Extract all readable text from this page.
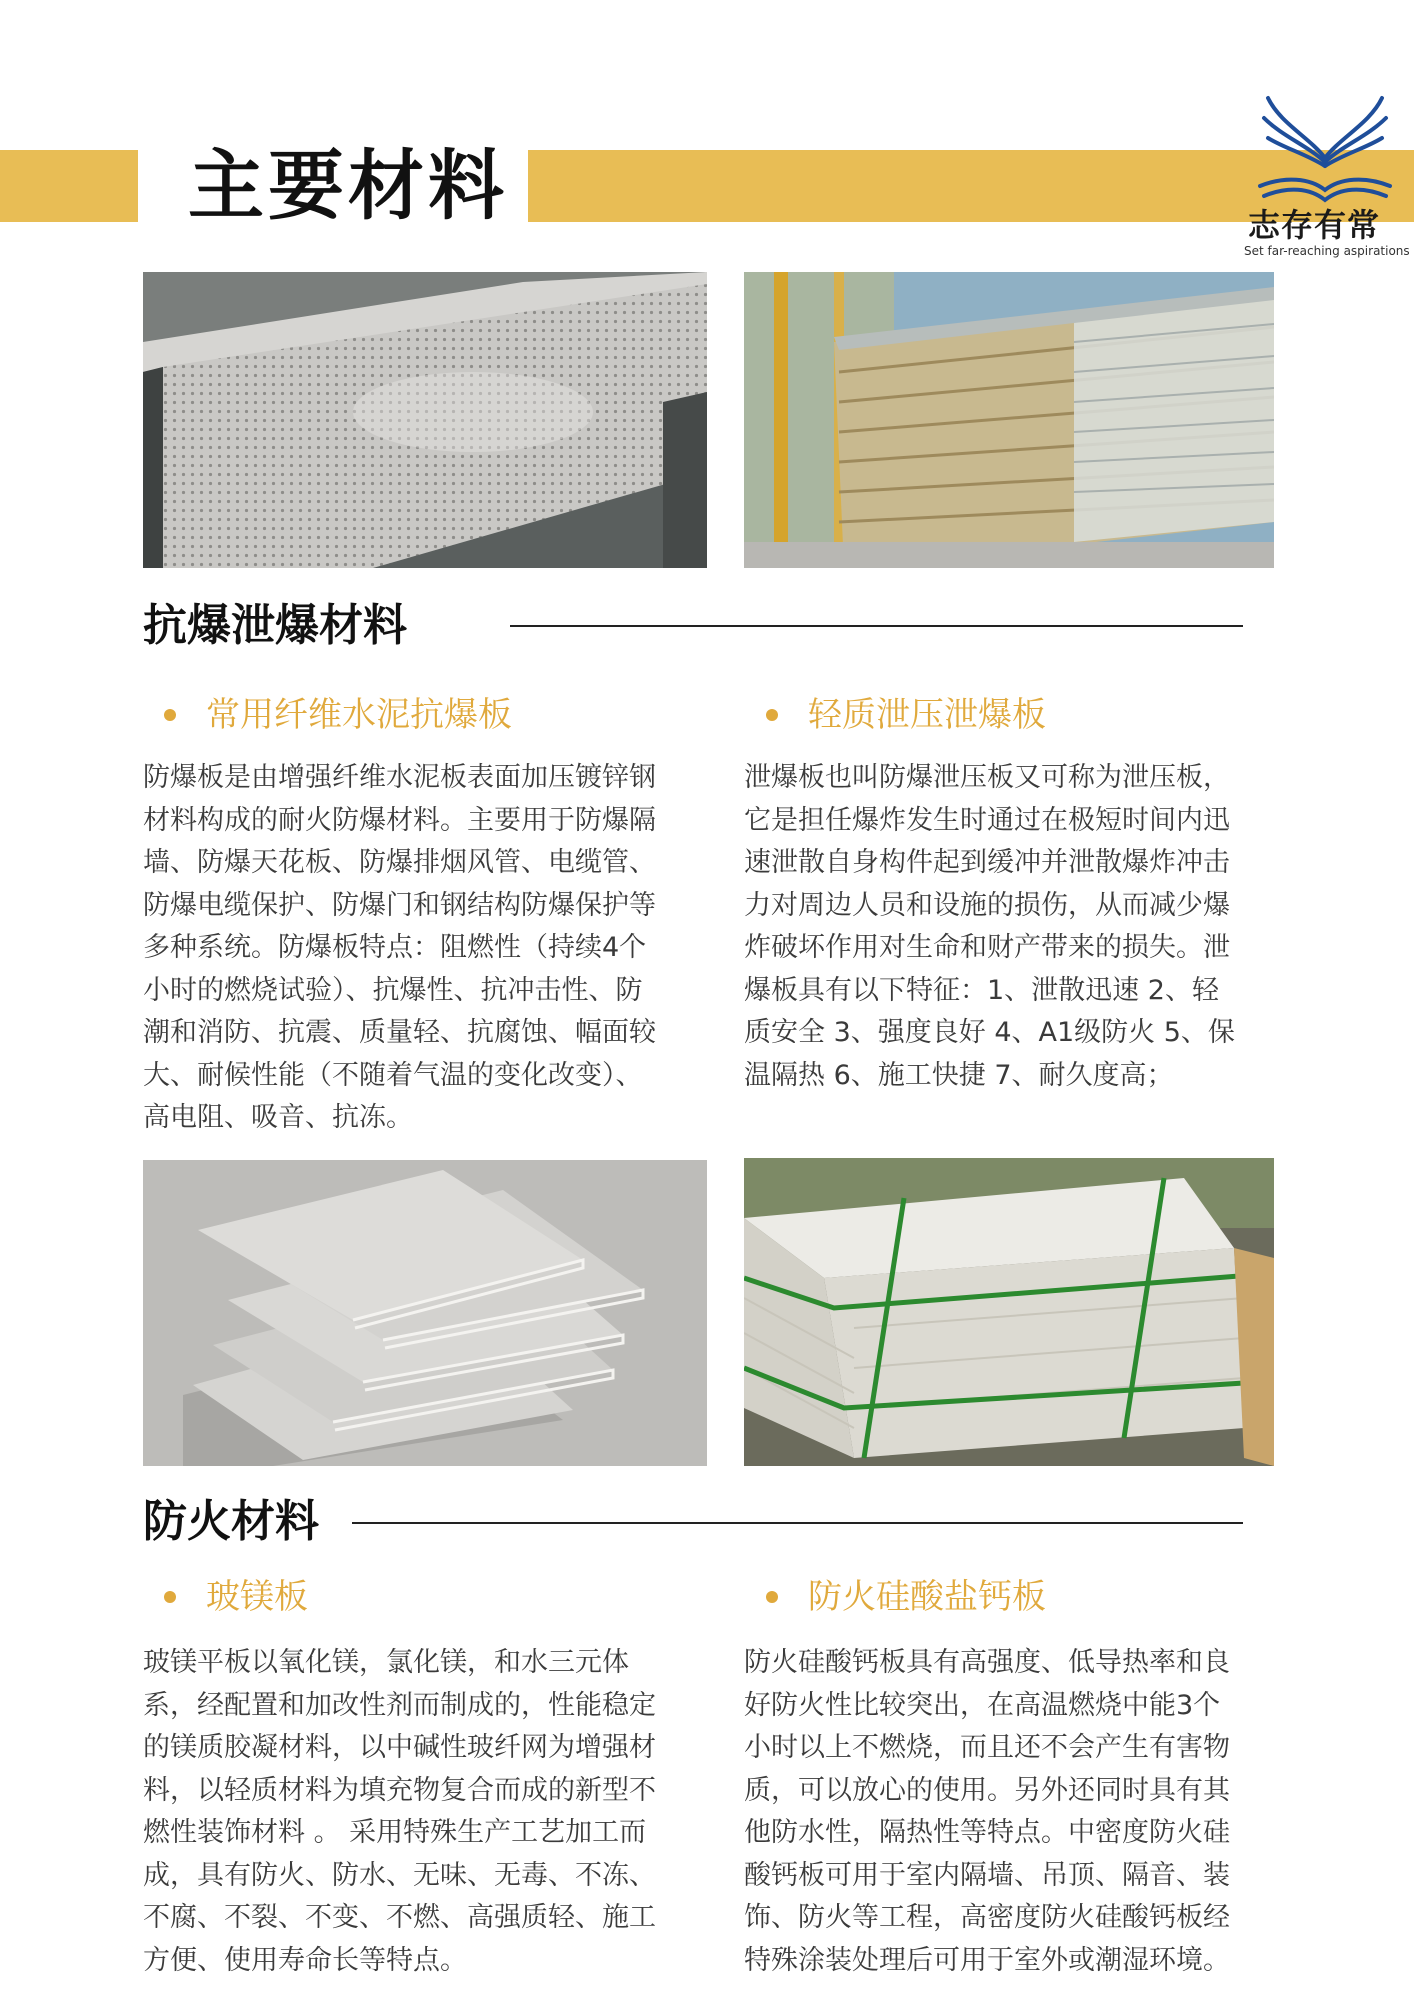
主要材料	志存有常
Set far-reaching aspirations
抗爆泄爆材料
常用纤维水泥抗爆板	轻质泄压泄爆板
防爆板是由增强纤维水泥板表面加压镀锌钢
材料构成的耐火防爆材料。主要用于防爆隔
墙、防爆天花板、防爆排烟风管、电缆管、
防爆电缆保护、防爆门和钢结构防爆保护等
多种系统。防爆板特点：阻燃性（持续4个
小时的燃烧试验）、抗爆性、抗冲击性、防
潮和消防、抗震、质量轻、抗腐蚀、幅面较
大、耐候性能（不随着气温的变化改变）、
高电阻、吸音、抗冻。
泄爆板也叫防爆泄压板又可称为泄压板，
它是担任爆炸发生时通过在极短时间内迅
速泄散自身构件起到缓冲并泄散爆炸冲击
力对周边人员和设施的损伤，从而减少爆
炸破坏作用对生命和财产带来的损失。泄
爆板具有以下特征：1、泄散迅速 2、轻
质安全 3、强度良好 4、A1级防火 5、保
温隔热 6、施工快捷 7、耐久度高；
防火材料
玻镁板	防火硅酸盐钙板
玻镁平板以氧化镁，氯化镁，和水三元体
系，经配置和加改性剂而制成的，性能稳定
的镁质胶凝材料，以中碱性玻纤网为增强材
料，以轻质材料为填充物复合而成的新型不
燃性装饰材料 。 采用特殊生产工艺加工而
成，具有防火、防水、无味、无毒、不冻、
不腐、不裂、不变、不燃、高强质轻、施工
方便、使用寿命长等特点。
防火硅酸钙板具有高强度、低导热率和良
好防火性比较突出，在高温燃烧中能3个
小时以上不燃烧，而且还不会产生有害物
质，可以放心的使用。另外还同时具有其
他防水性，隔热性等特点。中密度防火硅
酸钙板可用于室内隔墙、吊顶、隔音、装
饰、防火等工程，高密度防火硅酸钙板经
特殊涂装处理后可用于室外或潮湿环境。
